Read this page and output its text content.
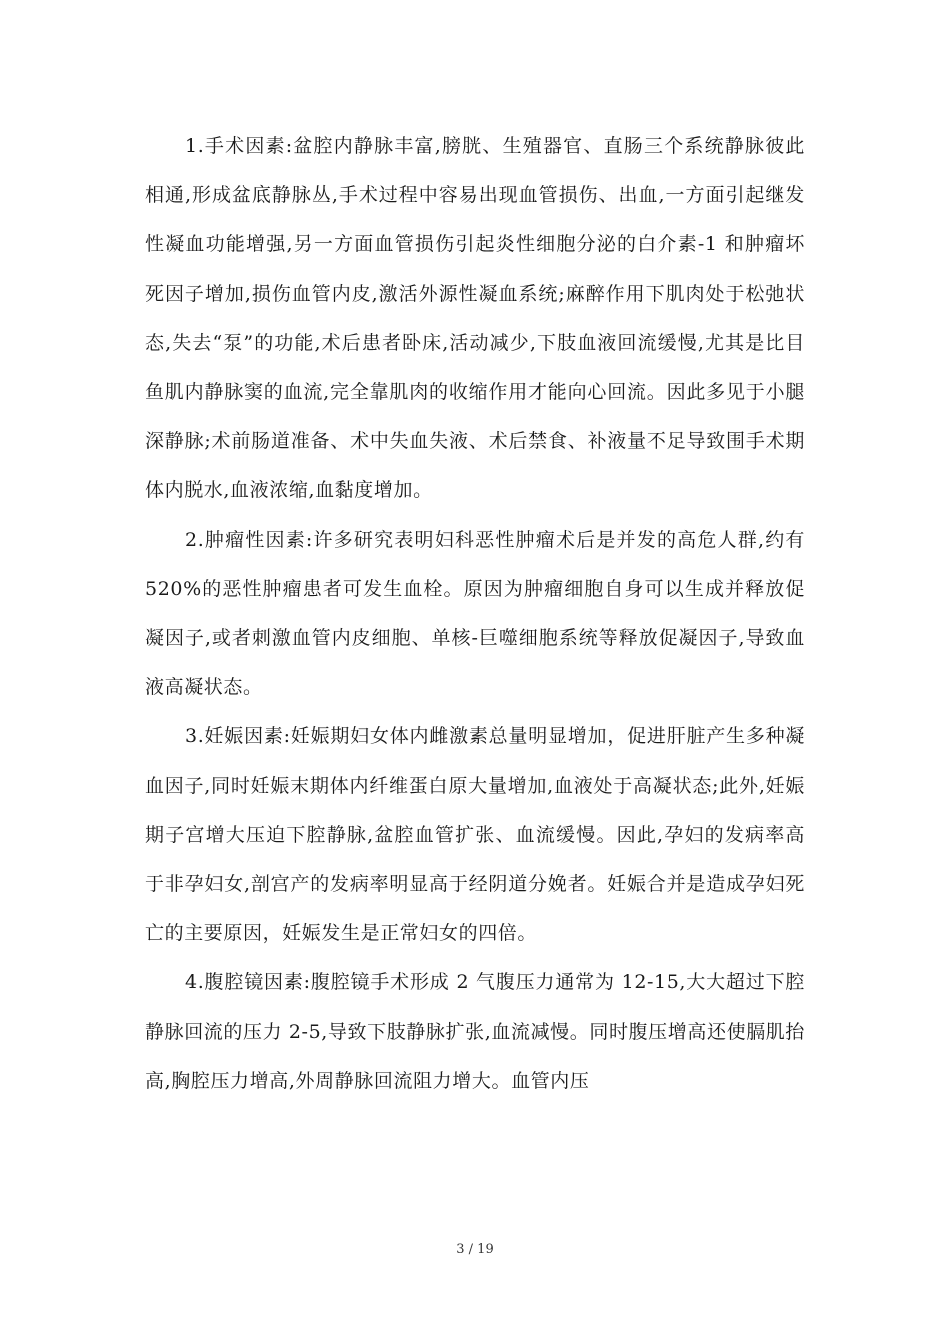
1.手术因素:盆腔内静脉丰富,膀胱、生殖器官、直肠三个系统静脉彼此相通,形成盆底静脉丛,手术过程中容易出现血管损伤、出血,一方面引起继发性凝血功能增强,另一方面血管损伤引起炎性细胞分泌的白介素-1 和肿瘤坏死因子增加,损伤血管内皮,激活外源性凝血系统;麻醉作用下肌肉处于松弛状态,失去“泵”的功能,术后患者卧床,活动减少,下肢血液回流缓慢,尤其是比目鱼肌内静脉窦的血流,完全靠肌肉的收缩作用才能向心回流。因此多见于小腿深静脉;术前肠道准备、术中失血失液、术后禁食、补液量不足导致围手术期体内脱水,血液浓缩,血黏度增加。

2.肿瘤性因素:许多研究表明妇科恶性肿瘤术后是并发的高危人群,约有 520%的恶性肿瘤患者可发生血栓。原因为肿瘤细胞自身可以生成并释放促凝因子,或者刺激血管内皮细胞、单核-巨噬细胞系统等释放促凝因子,导致血液高凝状态。

3.妊娠因素:妊娠期妇女体内雌激素总量明显增加，促进肝脏产生多种凝血因子,同时妊娠末期体内纤维蛋白原大量增加,血液处于高凝状态;此外,妊娠期子宫增大压迫下腔静脉,盆腔血管扩张、血流缓慢。因此,孕妇的发病率高于非孕妇女,剖宫产的发病率明显高于经阴道分娩者。妊娠合并是造成孕妇死亡的主要原因，妊娠发生是正常妇女的四倍。

4.腹腔镜因素:腹腔镜手术形成 2 气腹压力通常为 12-15,大大超过下腔静脉回流的压力 2-5,导致下肢静脉扩张,血流减慢。同时腹压增高还使膈肌抬高,胸腔压力增高,外周静脉回流阻力增大。血管内压

3 / 19
